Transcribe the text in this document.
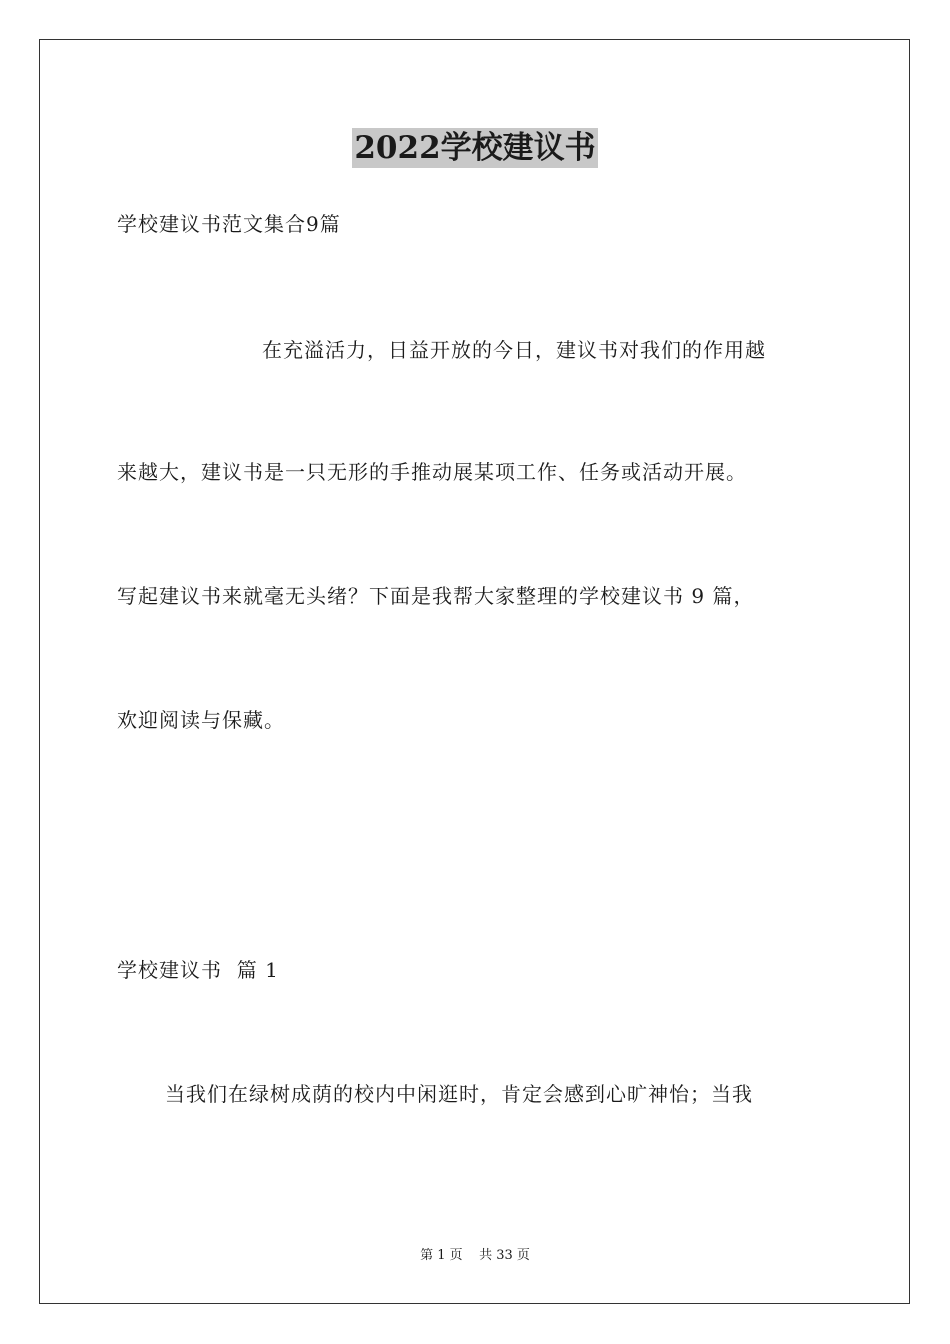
2022学校建议书

学校建议书范文集合9篇

在充溢活力，日益开放的今日，建议书对我们的作用越

来越大，建议书是一只无形的手推动展某项工作、任务或活动开展。

写起建议书来就毫无头绪？下面是我帮大家整理的学校建议书 9 篇，

欢迎阅读与保藏。

学校建议书  篇 1

当我们在绿树成荫的校内中闲逛时，肯定会感到心旷神怡；当我

第 1 页    共 33 页
